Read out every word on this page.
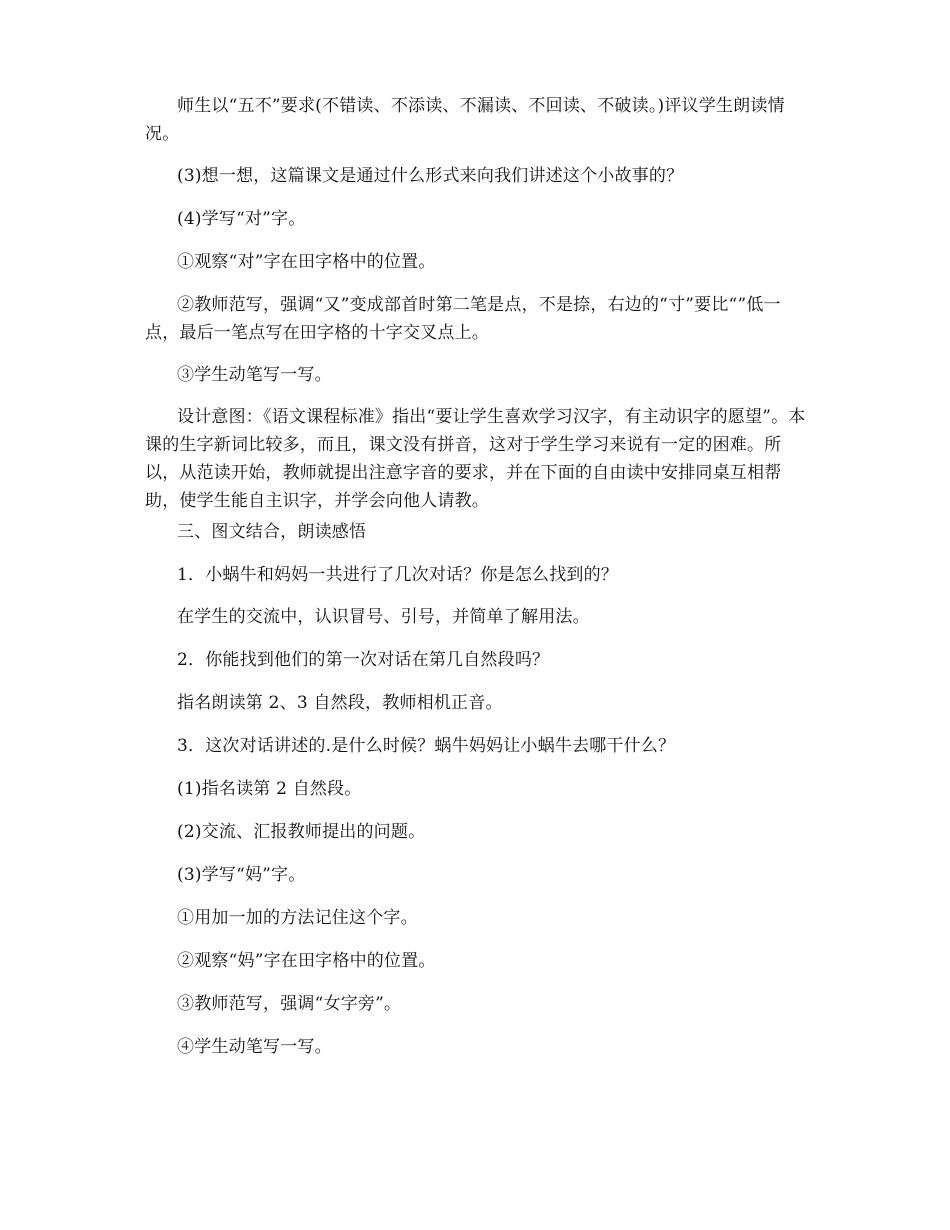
师生以“五不”要求(不错读、不添读、不漏读、不回读、不破读。)评议学生朗读情况。

(3)想一想，这篇课文是通过什么形式来向我们讲述这个小故事的？

(4)学写“对”字。

①观察“对”字在田字格中的位置。

②教师范写，强调“又”变成部首时第二笔是点，不是捺，右边的“寸”要比“”低一点，最后一笔点写在田字格的十字交叉点上。

③学生动笔写一写。

设计意图：《语文课程标准》指出“要让学生喜欢学习汉字，有主动识字的愿望”。本课的生字新词比较多，而且，课文没有拼音，这对于学生学习来说有一定的困难。所以，从范读开始，教师就提出注意字音的要求，并在下面的自由读中安排同桌互相帮助，使学生能自主识字，并学会向他人请教。

三、图文结合，朗读感悟

1．小蜗牛和妈妈一共进行了几次对话？你是怎么找到的？

在学生的交流中，认识冒号、引号，并简单了解用法。

2．你能找到他们的第一次对话在第几自然段吗？

指名朗读第 2、3 自然段，教师相机正音。

3．这次对话讲述的.是什么时候？蜗牛妈妈让小蜗牛去哪干什么？

(1)指名读第 2 自然段。

(2)交流、汇报教师提出的问题。

(3)学写“妈”字。

①用加一加的方法记住这个字。

②观察“妈”字在田字格中的位置。

③教师范写，强调“女字旁”。

④学生动笔写一写。
